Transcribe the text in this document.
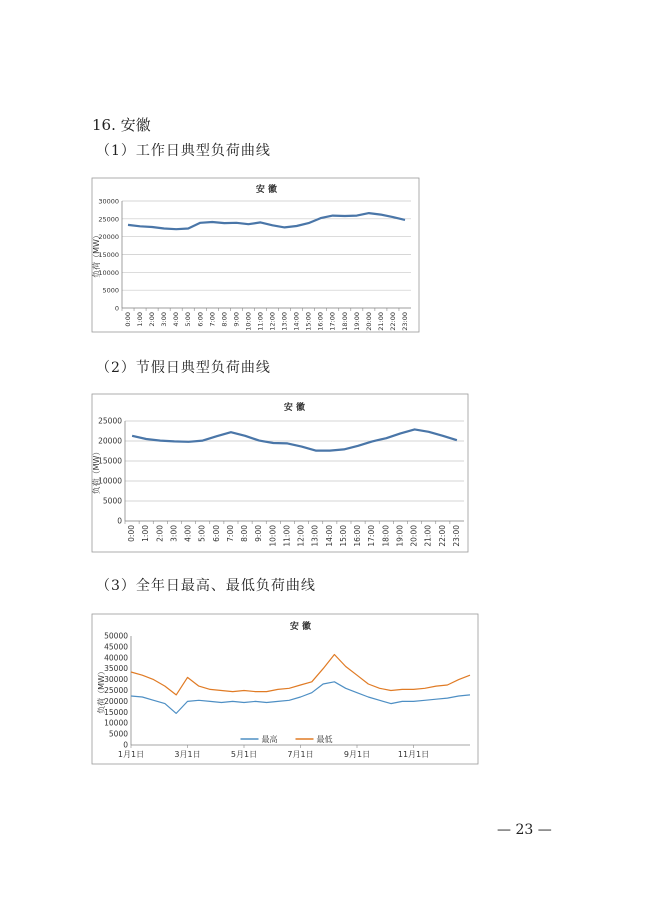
16. 安徽
（1）工作日典型负荷曲线
（2）节假日典型负荷曲线
（3）全年日最高、最低负荷曲线
安 徽
0
5000
10000
15000
20000
25000
30000
负荷（MW）
0:00 1:00 2:00 3:00 4:00 5:00 6:00 7:00 8:00 9:00 10:00 11:00 12:00 13:00 14:00 15:00 16:00 17:00 18:00 19:00 20:00 21:00 22:00 23:00
安 徽
0
5000
10000
15000
20000
25000
负荷（MW）
0:00 1:00 2:00 3:00 4:00 5:00 6:00 7:00 8:00 9:00 10:00 11:00 12:00 13:00 14:00 15:00 16:00 17:00 18:00 19:00 20:00 21:00 22:00 23:00
安 徽
0
5000
10000
15000
20000
25000
30000
35000
40000
45000
50000
负荷（MW）
1月1日	3月1日	5月1日	7月1日	9月1日	11月1日
最高	最低
— 23 —
